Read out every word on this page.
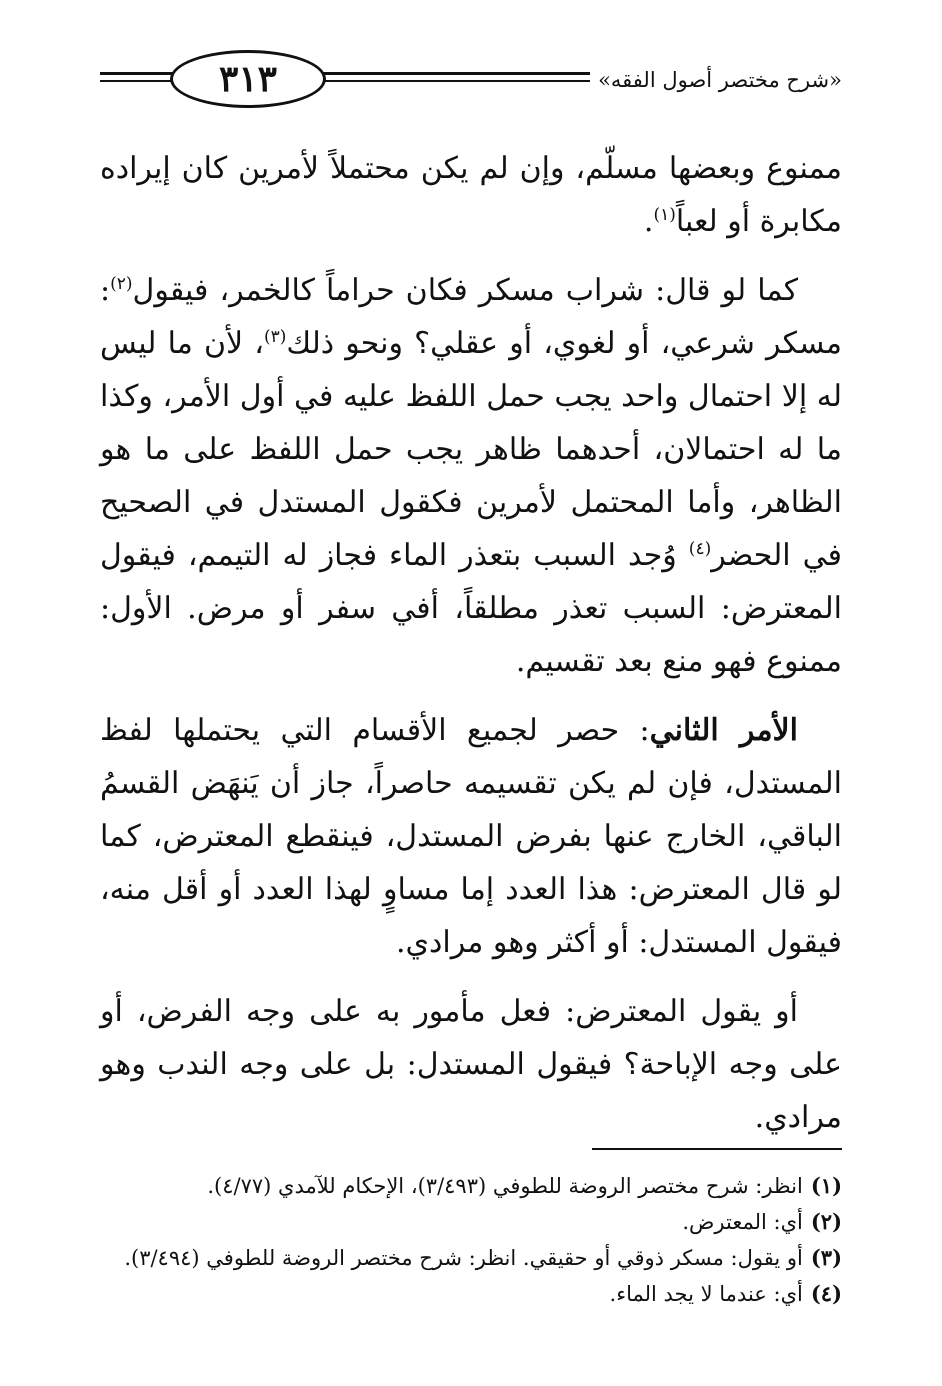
٣١٣	«شرح مختصر أصول الفقه»

ممنوع وبعضها مسلّم، وإن لم يكن محتملاً لأمرين كان إيراده مكابرة أو لعباً$^{(١)}$.

كما لو قال: شراب مسكر فكان حراماً كالخمر، فيقول$^{(٢)}$: مسكر شرعي، أو لغوي، أو عقلي؟ ونحو ذلك$^{(٣)}$، لأن ما ليس له إلا احتمال واحد يجب حمل اللفظ عليه في أول الأمر، وكذا ما له احتمالان، أحدهما ظاهر يجب حمل اللفظ على ما هو الظاهر، وأما المحتمل لأمرين فكقول المستدل في الصحيح في الحضر$^{(٤)}$ وُجد السبب بتعذر الماء فجاز له التيمم، فيقول المعترض: السبب تعذر مطلقاً، أفي سفر أو مرض. الأول: ممنوع فهو منع بعد تقسيم.

الأمر الثاني: حصر لجميع الأقسام التي يحتملها لفظ المستدل، فإن لم يكن تقسيمه حاصراً، جاز أن يَنهَض القسمُ الباقي، الخارج عنها بفرض المستدل، فينقطع المعترض، كما لو قال المعترض: هذا العدد إما مساوٍ لهذا العدد أو أقل منه، فيقول المستدل: أو أكثر وهو مرادي.

أو يقول المعترض: فعل مأمور به على وجه الفرض، أو على وجه الإباحة؟ فيقول المستدل: بل على وجه الندب وهو مرادي.

(١)انظر: شرح مختصر الروضة للطوفي (٣/٤٩٣)، الإحكام للآمدي (٤/٧٧).

(٢)أي: المعترض.

(٣)أو يقول: مسكر ذوقي أو حقيقي. انظر: شرح مختصر الروضة للطوفي (٣/٤٩٤).

(٤)أي: عندما لا يجد الماء.
